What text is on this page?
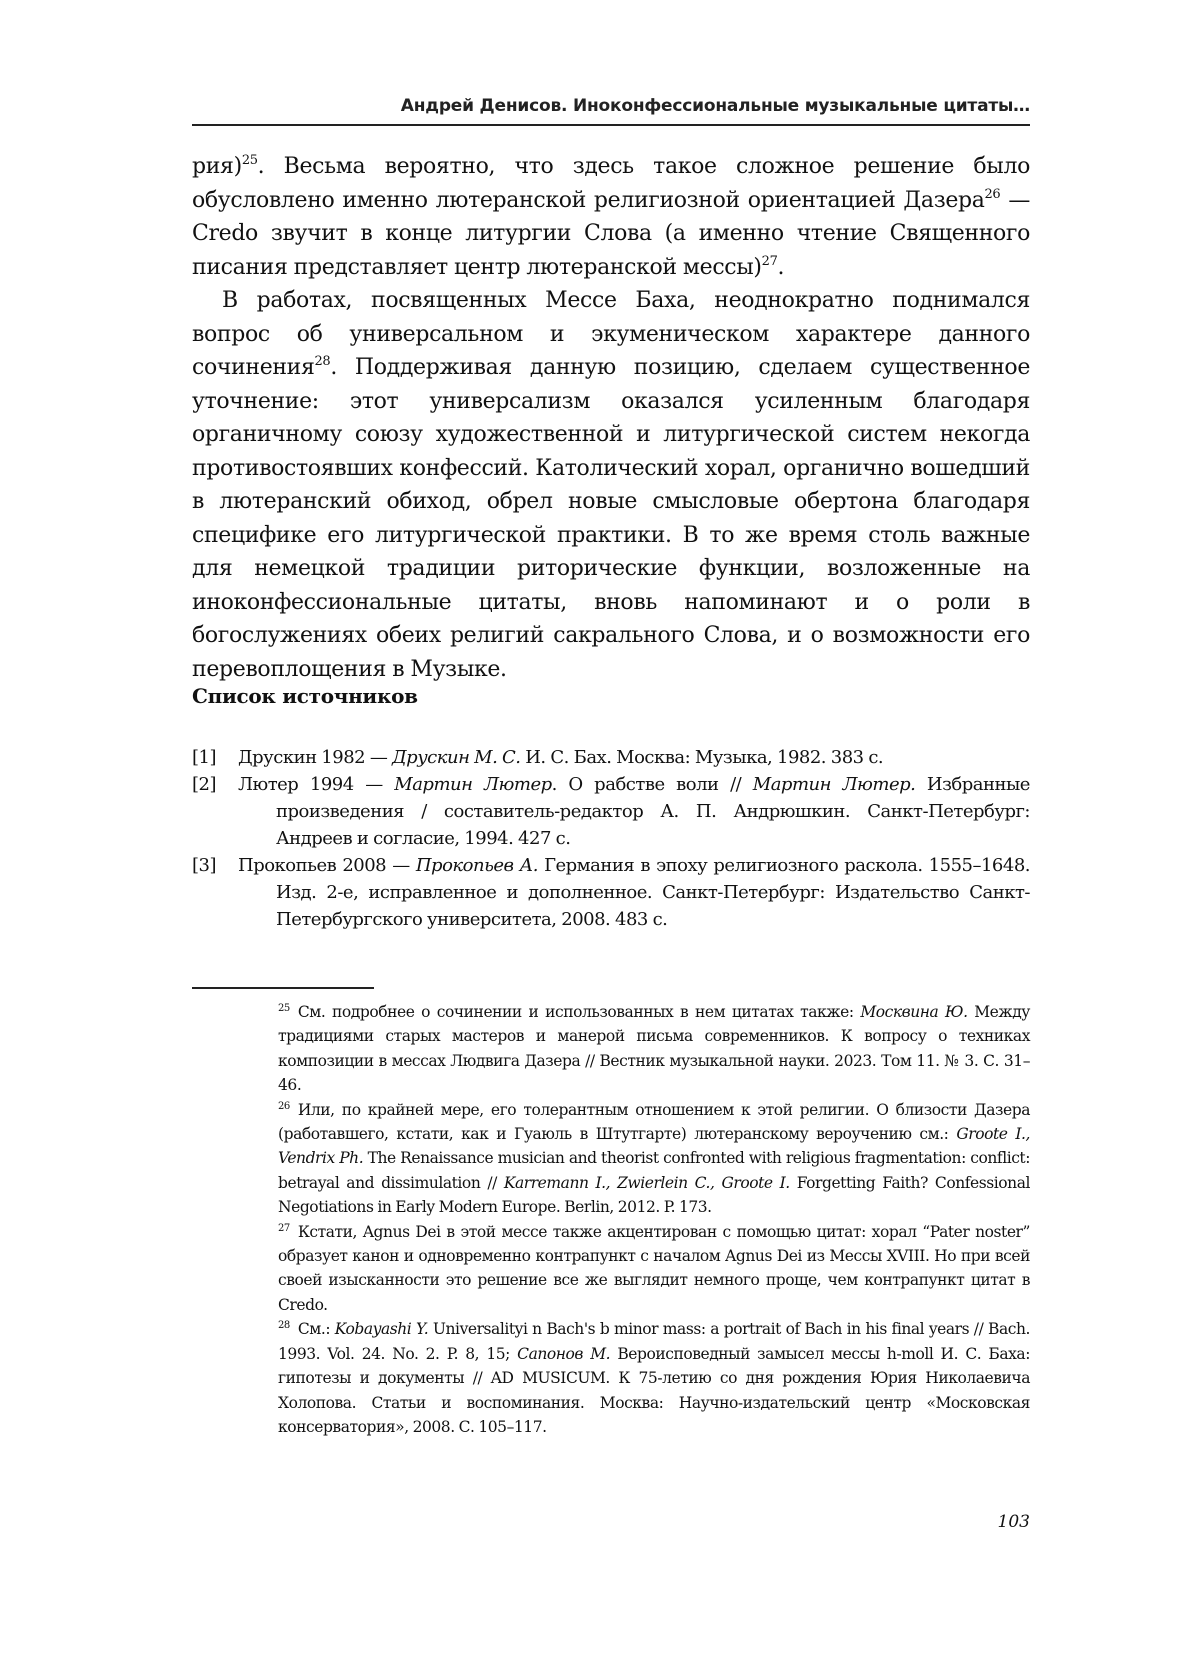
Андрей Денисов. Иноконфессиональные музыкальные цитаты…

рия)$^{25}$. Весьма вероятно, что здесь такое сложное решение было обусловлено именно лютеранской религиозной ориентацией Дазера$^{26}$ — Credo звучит в конце литургии Слова (а именно чтение Священного писания представляет центр лютеранской мессы)$^{27}$.

В работах, посвященных Мессе Баха, неоднократно поднимался вопрос об универсальном и экуменическом характере данного сочинения$^{28}$. Поддерживая данную позицию, сделаем существенное уточнение: этот универсализм оказался усиленным благодаря органичному союзу художественной и литургической систем некогда противостоявших конфессий. Католический хорал, органично вошедший в лютеранский обиход, обрел новые смысловые обертона благодаря специфике его литургической практики. В то же время столь важные для немецкой традиции риторические функции, возложенные на иноконфессиональные цитаты, вновь напоминают и о роли в богослужениях обеих религий сакрального Слова, и о возможности его перевоплощения в Музыке.

Список источников
[1]	Друскин 1982 — Друскин М. С. И. С. Бах. Москва: Музыка, 1982. 383 с.
[2]	Лютер 1994 — Мартин Лютер. О рабстве воли // Мартин Лютер. Избранные произведения / составитель-редактор А. П. Андрюшкин. Санкт-Петербург: Андреев и согласие, 1994. 427 с.
[3]	Прокопьев 2008 — Прокопьев А. Германия в эпоху религиозного раскола. 1555–1648. Изд. 2-е, исправленное и дополненное. Санкт-Петербург: Издательство Санкт-Петербургского университета, 2008. 483 с.

$^{25}$ См. подробнее о сочинении и использованных в нем цитатах также: Москвина Ю. Между традициями старых мастеров и манерой письма современников. К вопросу о техниках композиции в мессах Людвига Дазера // Вестник музыкальной науки. 2023. Том 11. № 3. С. 31–46.

$^{26}$ Или, по крайней мере, его толерантным отношением к этой религии. О близости Дазера (работавшего, кстати, как и Гуаюль в Штутгарте) лютеранскому вероучению см.: Groote I., Vendrix Ph. The Renaissance musician and theorist confronted with religious fragmentation: conflict: betrayal and dissimulation // Karremann I., Zwierlein C., Groote I. Forgetting Faith? Confessional Negotiations in Early Modern Europe. Berlin, 2012. P. 173.

$^{27}$ Кстати, Agnus Dei в этой мессе также акцентирован с помощью цитат: хорал “Pater noster” образует канон и одновременно контрапункт с началом Agnus Dei из Мессы XVIII. Но при всей своей изысканности это решение все же выглядит немного проще, чем контрапункт цитат в Credo.

$^{28}$ См.: Kobayashi Y. Universalityi n Bach's b minor mass: a portrait of Bach in his final years // Bach. 1993. Vol. 24. No. 2. P. 8, 15; Сапонов М. Вероисповедный замысел мессы h-moll И. С. Баха: гипотезы и документы // AD MUSICUM. К 75-летию со дня рождения Юрия Николаевича Холопова. Статьи и воспоминания. Москва: Научно-издательский центр «Московская консерватория», 2008. С. 105–117.

103
